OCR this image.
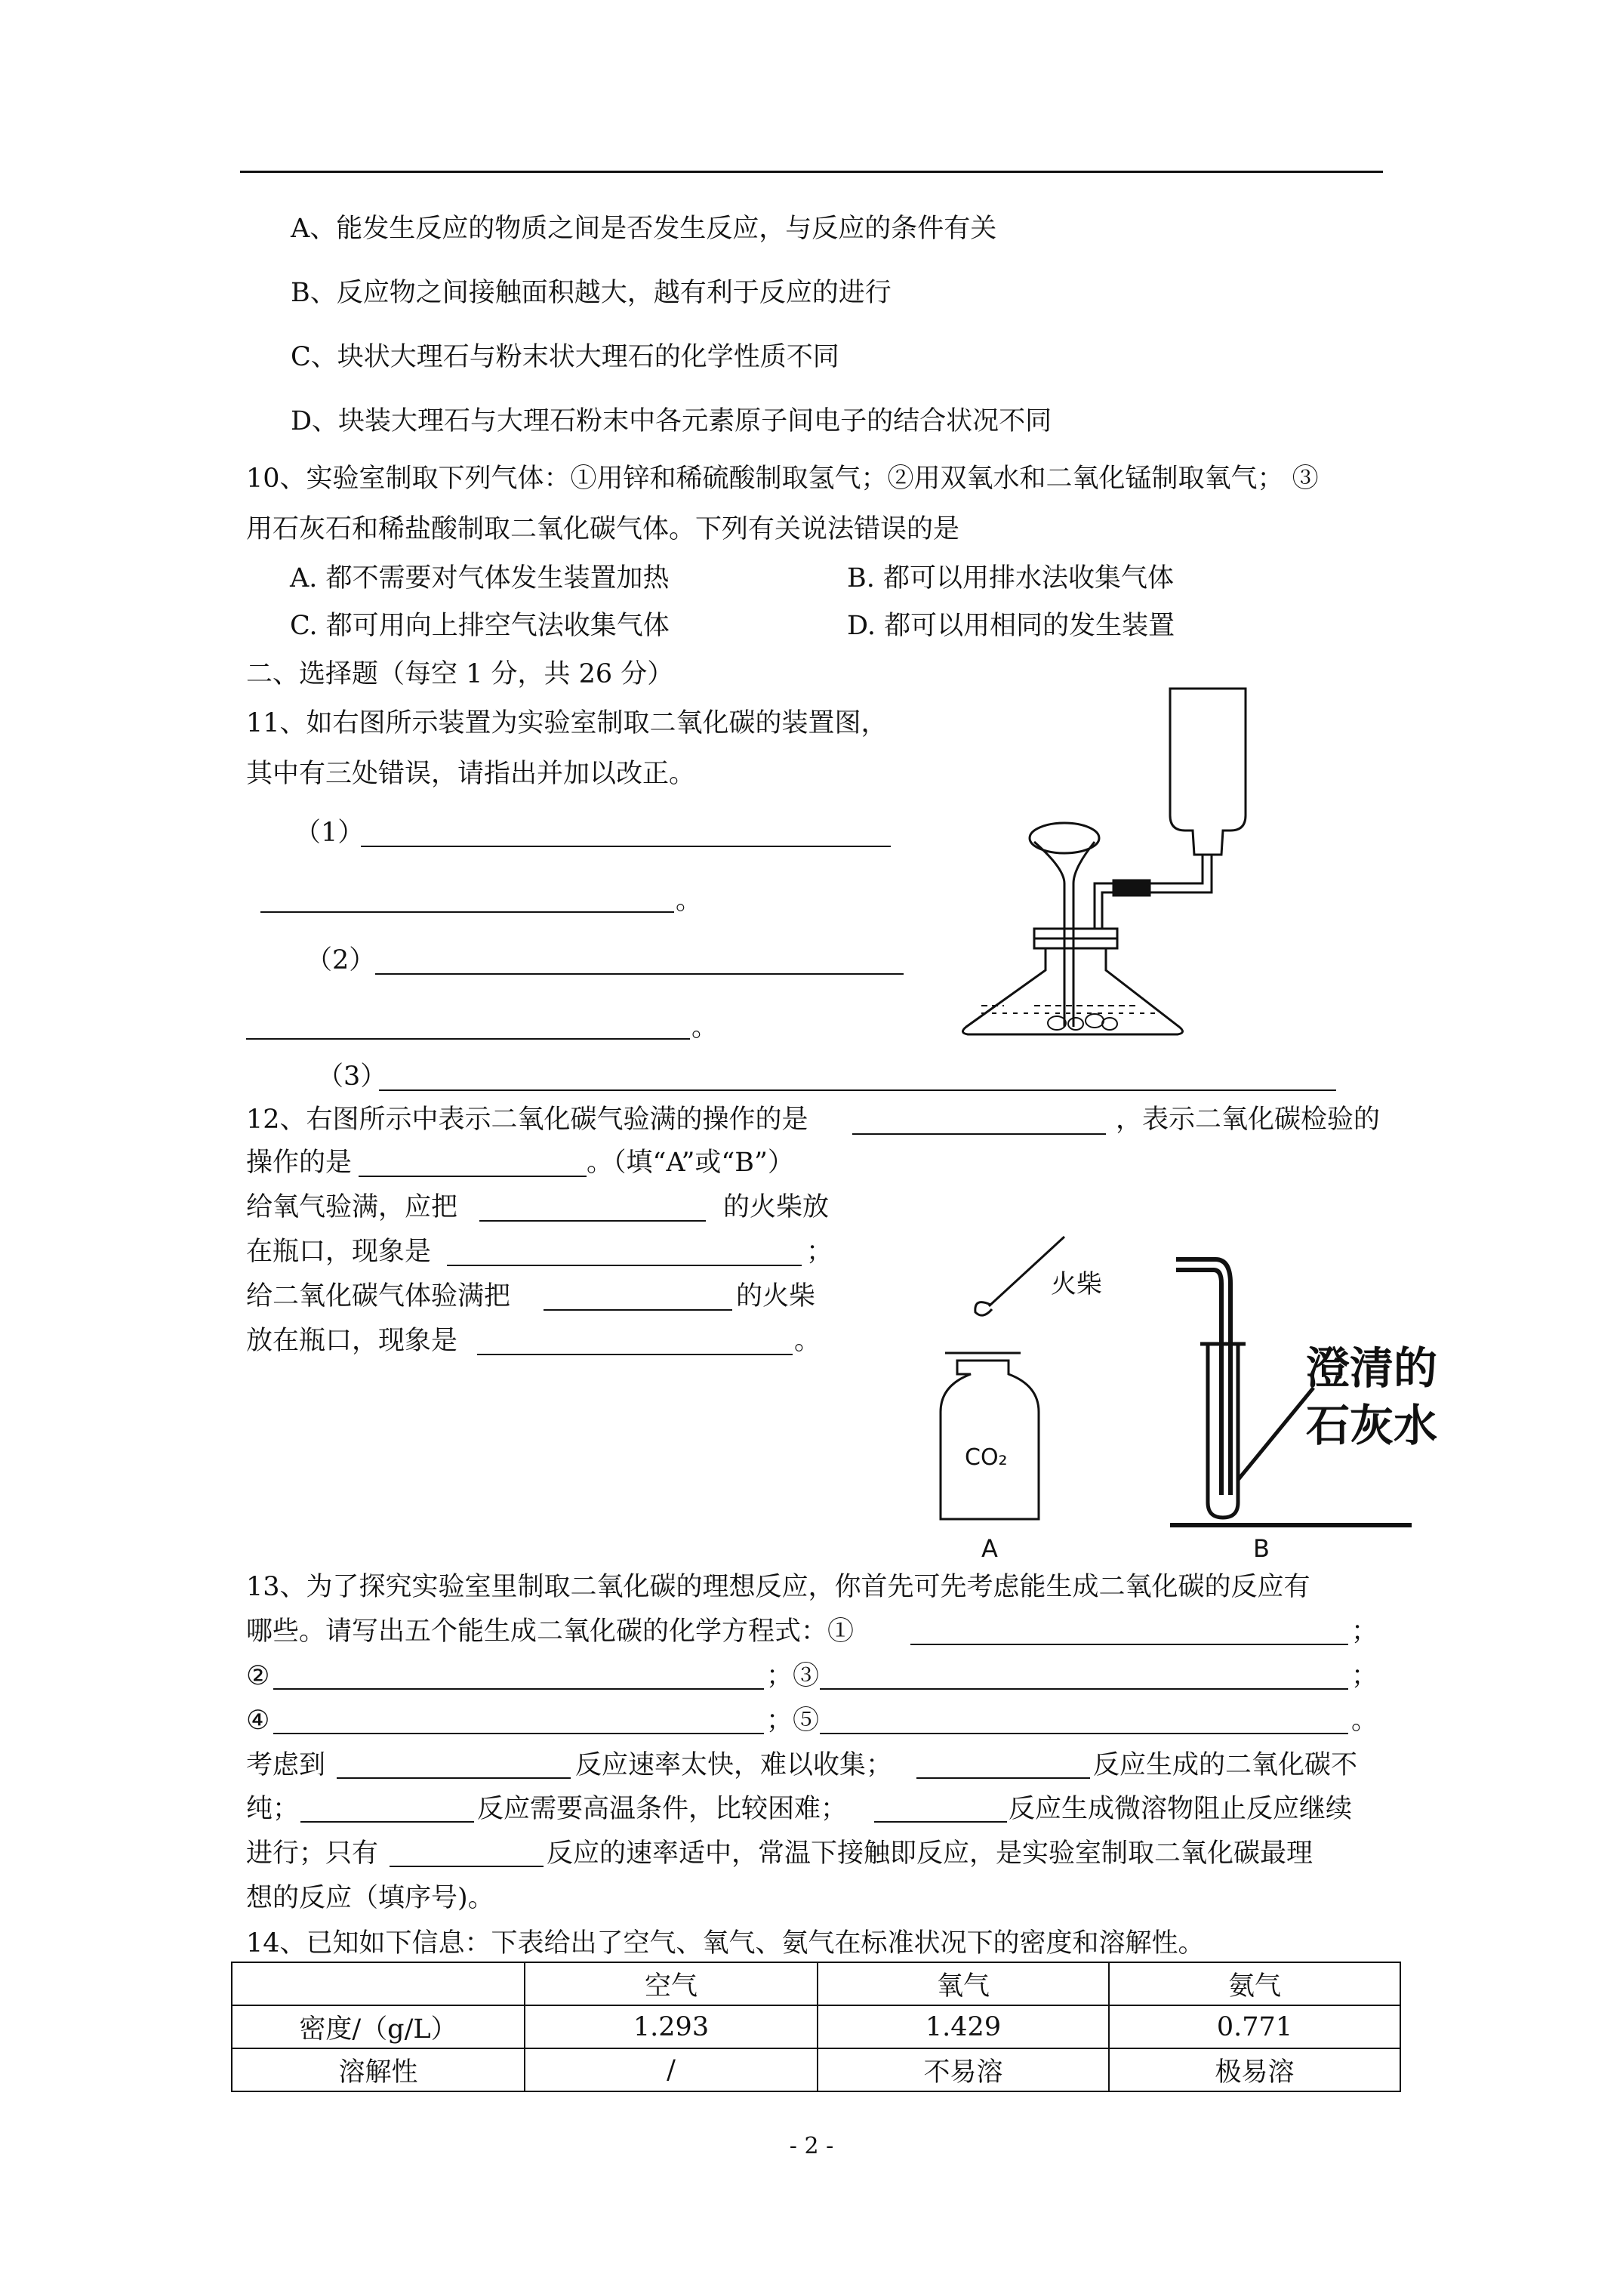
A、能发生反应的物质之间是否发生反应，与反应的条件有关
B、反应物之间接触面积越大，越有利于反应的进行
C、块状大理石与粉末状大理石的化学性质不同
D、块装大理石与大理石粉末中各元素原子间电子的结合状况不同
10、实验室制取下列气体：①用锌和稀硫酸制取氢气；②用双氧水和二氧化锰制取氧气； ③
用石灰石和稀盐酸制取二氧化碳气体。下列有关说法错误的是
A. 都不需要对气体发生装置加热	B. 都可以用排水法收集气体
C. 都可用向上排空气法收集气体	D. 都可以用相同的发生装置
二、选择题（每空 1 分，共 26 分）
11、如右图所示装置为实验室制取二氧化碳的装置图，
其中有三处错误，请指出并加以改正。
（1）
。
（2）
。
（3）
12、右图所示中表示二氧化碳气验满的操作的是	，表示二氧化碳检验的
操作的是	。（填“A”或“B”）
给氧气验满，应把	的火柴放
在瓶口，现象是	；
给二氧化碳气体验满把	的火柴
放在瓶口，现象是	。
火柴
CO₂
A
澄清的
石灰水
B
13、为了探究实验室里制取二氧化碳的理想反应，你首先可先考虑能生成二氧化碳的反应有
哪些。请写出五个能生成二氧化碳的化学方程式：①	；
②	；③	；
④	；⑤	。
考虑到	反应速率太快，难以收集；	反应生成的二氧化碳不
纯；	反应需要高温条件，比较困难；	反应生成微溶物阻止反应继续
进行；只有	反应的速率适中，常温下接触即反应，是实验室制取二氧化碳最理
想的反应（填序号)。
14、已知如下信息：下表给出了空气、氧气、氨气在标准状况下的密度和溶解性。
	空气	氧气	氨气
密度/（g/L）	1.293	1.429	0.771
溶解性	/	不易溶	极易溶
- 2 -
